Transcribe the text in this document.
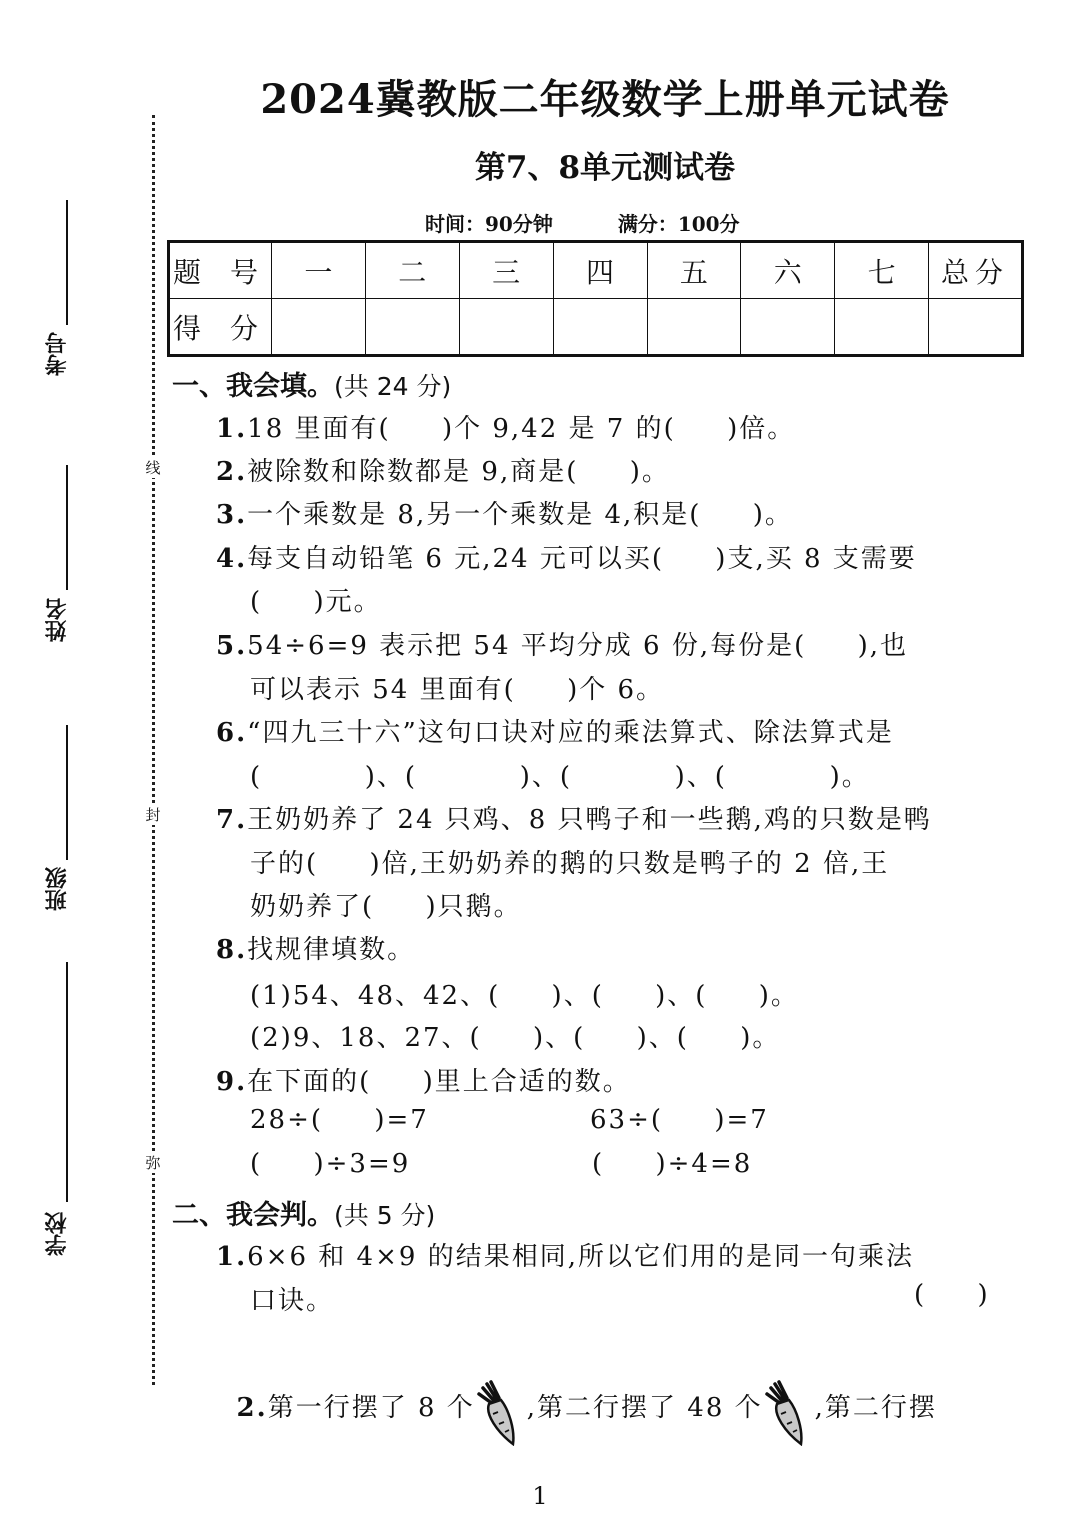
2024冀教版二年级数学上册单元试卷
第7、8单元测试卷
时间：90分钟	满分：100分
线
封
弥
考号
姓名
班级
学校
题 号	一	二	三	四	五	六	七	总分
得 分								
一、我会填。(共 24 分)
1.18 里面有(     )个 9,42 是 7 的(     )倍。
2.被除数和除数都是 9,商是(     )。
3.一个乘数是 8,另一个乘数是 4,积是(     )。
4.每支自动铅笔 6 元,24 元可以买(     )支,买 8 支需要
(     )元。
5.54÷6=9 表示把 54 平均分成 6 份,每份是(     ),也
可以表示 54 里面有(     )个 6。
6.“四九三十六”这句口诀对应的乘法算式、除法算式是
(          )、(          )、(          )、(          )。
7.王奶奶养了 24 只鸡、8 只鸭子和一些鹅,鸡的只数是鸭
子的(     )倍,王奶奶养的鹅的只数是鸭子的 2 倍,王
奶奶养了(     )只鹅。
8.找规律填数。
(1)54、48、42、(     )、(     )、(     )。
(2)9、18、27、(     )、(     )、(     )。
9.在下面的(     )里上合适的数。
28÷(     )=7	63÷(     )=7
(     )÷3=9	(     )÷4=8
二、我会判。(共 5 分)
1.6×6 和 4×9 的结果相同,所以它们用的是同一句乘法
口诀。	(     )

2.第一行摆了 8 个 ,第二行摆了 48 个 ,第二行摆

1
